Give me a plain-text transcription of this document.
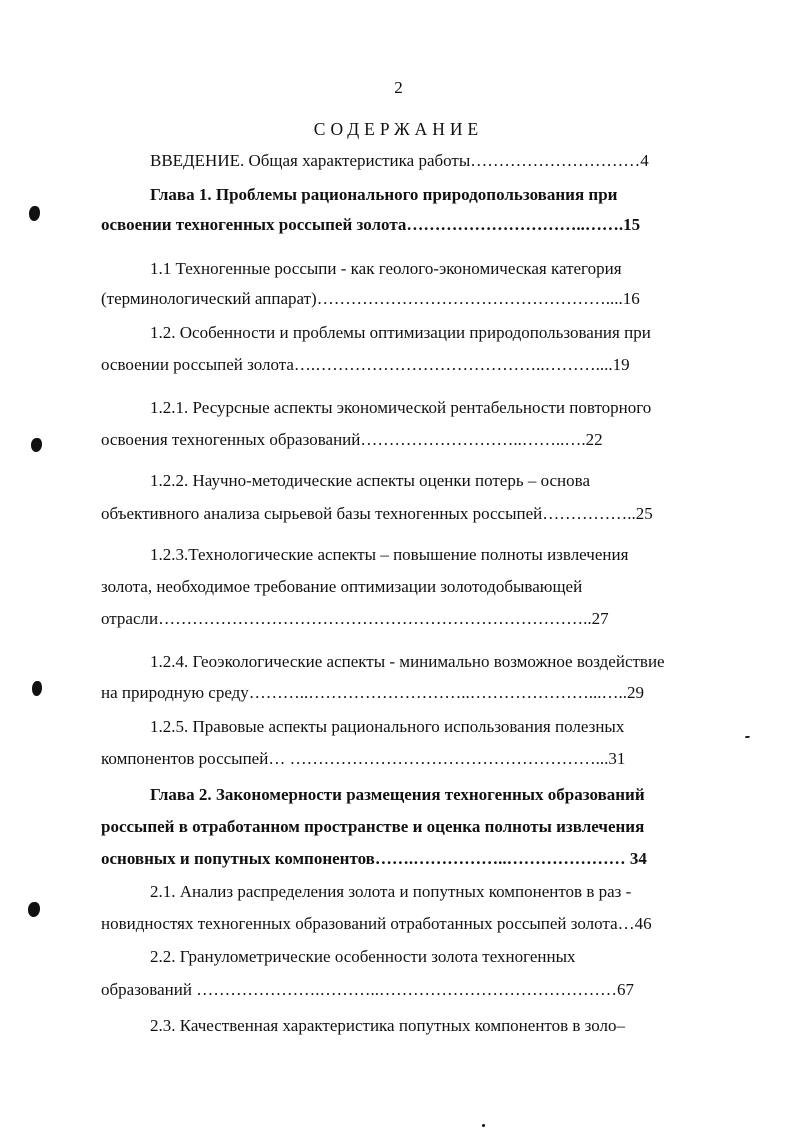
2
СОДЕРЖАНИЕ
ВВЕДЕНИЕ. Общая характеристика работы…………………………4
Глава 1. Проблемы рационального природопользования при
освоении техногенных россыпей золота…………………………..…….15
1.1 Техногенные россыпи - как геолого-экономическая категория
(терминологический аппарат)……………………………………………....16
1.2. Особенности и проблемы оптимизации природопользования при
освоении россыпей золота….…………………………………..………....19
1.2.1. Ресурсные аспекты экономической рентабельности повторного
освоения техногенных образований………………………..……..….22
1.2.2. Научно-методические аспекты оценки потерь – основа
объективного анализа сырьевой базы техногенных россыпей……………..25
1.2.3.Технологические аспекты – повышение полноты извлечения
золота, необходимое требование оптимизации золотодобывающей
отрасли…………………………………………………………………..27
1.2.4. Геоэкологические аспекты - минимально возможное воздействие
на природную среду………..………………………..…………………...…..29
1.2.5. Правовые аспекты рационального использования полезных
компонентов россыпей… ………………………………………………...31
Глава 2. Закономерности размещения техногенных образований
россыпей в отработанном пространстве и оценка полноты извлечения
основных и попутных компонентов…….……………..………………… 34
2.1. Анализ распределения золота и попутных компонентов в раз -
новидностях техногенных образований отработанных россыпей золота…46
2.2. Гранулометрические особенности золота техногенных
образований ………………….………..……………………………………67
2.3. Качественная характеристика попутных компонентов в золо–
